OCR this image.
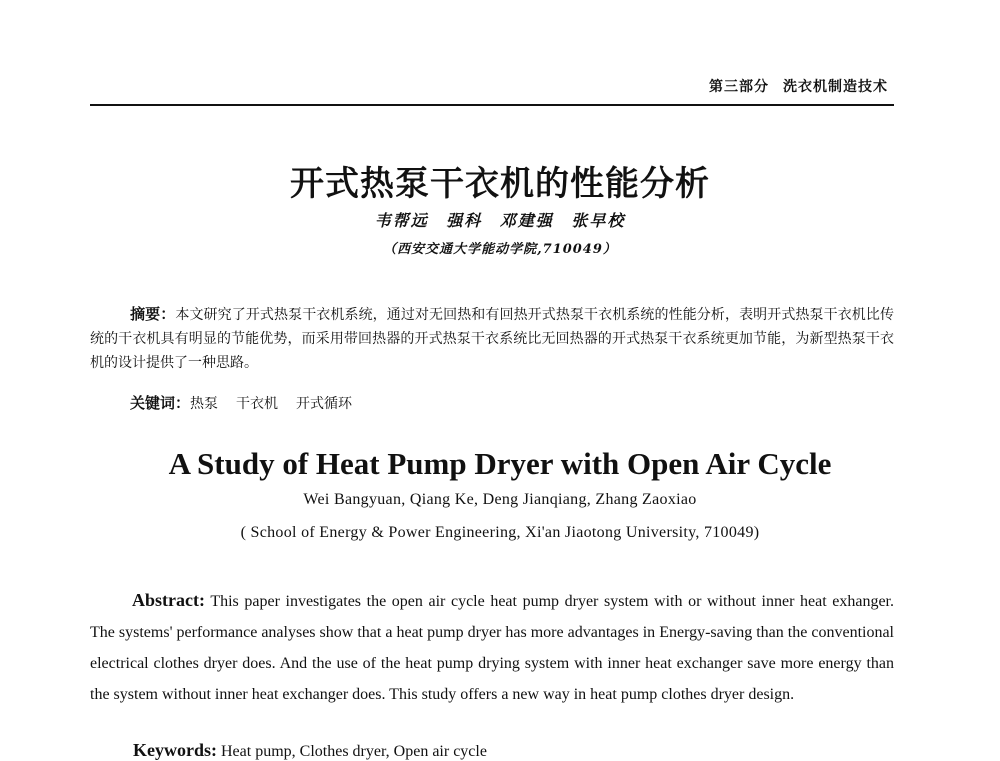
第三部分 洗衣机制造技术
开式热泵干衣机的性能分析
韦帮远 强科 邓建强 张早校
（西安交通大学能动学院,710049）
摘要：本文研究了开式热泵干衣机系统，通过对无回热和有回热开式热泵干衣机系统的性能分析，表明开式热泵干衣机比传统的干衣机具有明显的节能优势，而采用带回热器的开式热泵干衣系统比无回热器的开式热泵干衣系统更加节能，为新型热泵干衣机的设计提供了一种思路。
关键词：热泵 干衣机 开式循环
A Study of Heat Pump Dryer with Open Air Cycle
Wei Bangyuan, Qiang Ke, Deng Jianqiang, Zhang Zaoxiao
( School of Energy & Power Engineering, Xi'an Jiaotong University, 710049)
Abstract: This paper investigates the open air cycle heat pump dryer system with or without inner heat exhanger. The systems' performance analyses show that a heat pump dryer has more advantages in Energy-saving than the conventional electrical clothes dryer does. And the use of the heat pump drying system with inner heat exchanger save more energy than the system without inner heat exchanger does. This study offers a new way in heat pump clothes dryer design.
Keywords: Heat pump, Clothes dryer, Open air cycle
